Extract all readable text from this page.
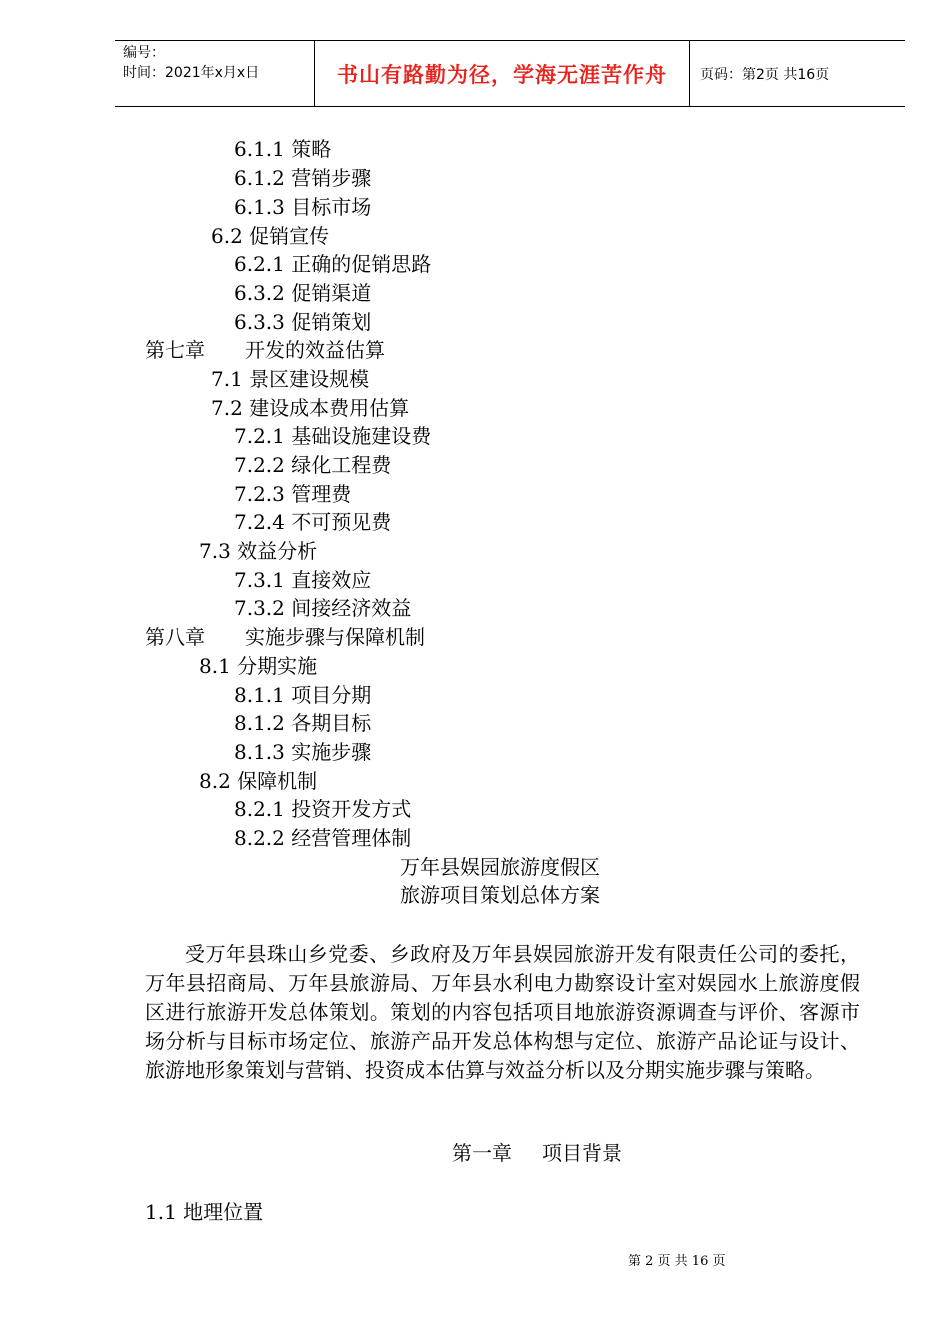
编号：
时间：2021年x月x日	书山有路勤为径，学海无涯苦作舟 页码：第2页 共16页
6.1.1 策略
6.1.2 营销步骤
6.1.3 目标市场
6.2 促销宣传
6.2.1 正确的促销思路
6.3.2 促销渠道
6.3.3 促销策划
第七章 开发的效益估算
7.1 景区建设规模
7.2 建设成本费用估算
7.2.1 基础设施建设费
7.2.2 绿化工程费
7.2.3 管理费
7.2.4 不可预见费
7.3 效益分析
7.3.1 直接效应
7.3.2 间接经济效益
第八章 实施步骤与保障机制
8.1 分期实施
8.1.1 项目分期
8.1.2 各期目标
8.1.3 实施步骤
8.2 保障机制
8.2.1 投资开发方式
8.2.2 经营管理体制
万年县娱园旅游度假区
旅游项目策划总体方案
受万年县珠山乡党委、乡政府及万年县娱园旅游开发有限责任公司的委托，万年县招商局、万年县旅游局、万年县水利电力勘察设计室对娱园水上旅游度假区进行旅游开发总体策划。策划的内容包括项目地旅游资源调查与评价、客源市场分析与目标市场定位、旅游产品开发总体构想与定位、旅游产品论证与设计、旅游地形象策划与营销、投资成本估算与效益分析以及分期实施步骤与策略。
第一章 项目背景
1.1 地理位置
第 2 页 共 16 页
